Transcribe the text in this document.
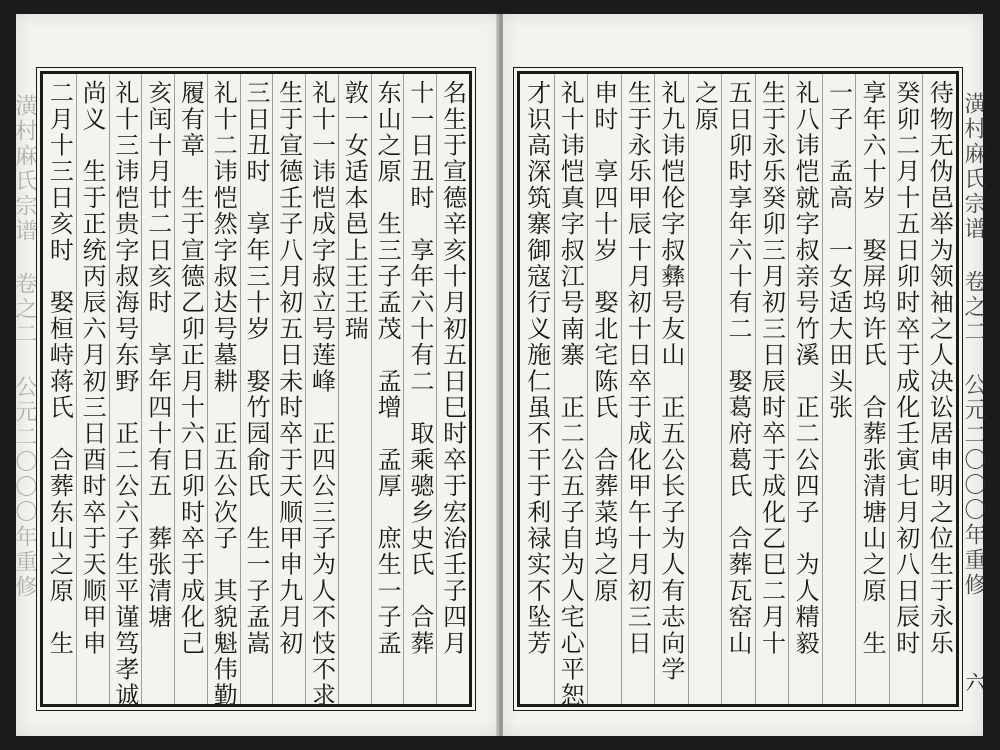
潢村麻氏宗谱 卷之二 公元二〇〇〇年重修	名生于宣德辛亥十月初五日巳时卒于宏治壬子四月
十一日丑时　享年六十有二　取乘骢乡史氏　合葬
东山之原　生三子孟茂　孟增　孟厚　庶生一子孟
敦一女适本邑上王王瑞
礼十一讳恺成字叔立号莲峰　正四公三子为人不忮不求
生于宣德壬子八月初五日未时卒于天顺甲申九月初
三日丑时　享年三十岁　娶竹园俞氏　生一子孟嵩
礼十二讳恺然字叔达号墓耕　正五公次子　其貌魁伟勤
履有章　生于宣德乙卯正月十六日卯时卒于成化己
亥闰十月廿二日亥时　享年四十有五　葬张清塘
礼十三讳恺贵字叔海号东野　正二公六子生平谨笃孝诚
尚义　生于正统丙辰六月初三日酉时卒于天顺甲申
二月十三日亥时　娶桓峙蒋氏　合葬东山之原　生	待物无伪邑举为领袖之人决讼居申明之位生于永乐
癸卯二月十五日卯时卒于成化壬寅七月初八日辰时
享年六十岁　娶屏坞许氏　合葬张清塘山之原　生
一子　孟高　一女适大田头张
礼八讳恺就字叔亲号竹溪　正二公四子　为人精毅
生于永乐癸卯三月初三日辰时卒于成化乙巳二月十
五日卯时享年六十有二　娶葛府葛氏　合葬瓦窑山
之原
礼九讳恺伦字叔彝号友山　正五公长子为人有志向学
生于永乐甲辰十月初十日卒于成化甲午十月初三日
申时　享四十岁　娶北宅陈氏　合葬菜坞之原
礼十讳恺真字叔江号南寨　正二公五子自为人宅心平恕
才识高深筑寨御寇行义施仁虽不干于利禄实不坠芳	潢村麻氏宗谱 卷之二 公元二〇〇〇年重修
六
